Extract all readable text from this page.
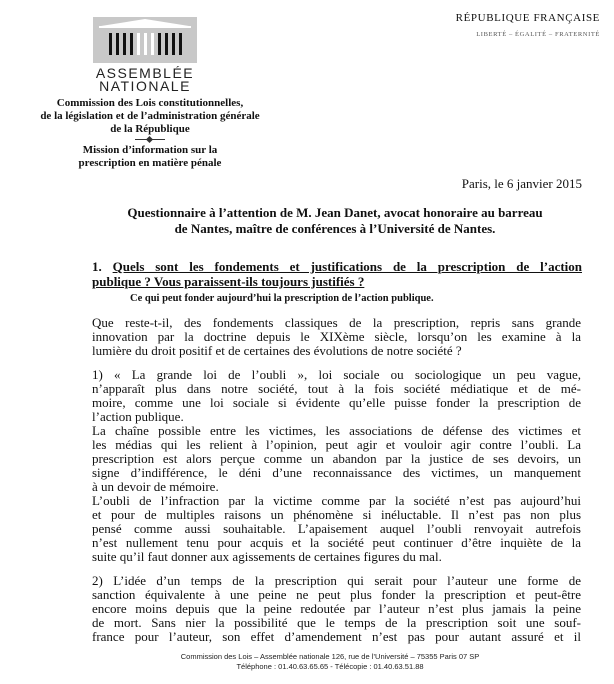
ASSEMBLÉE
NATIONALE
RÉPUBLIQUE FRANÇAISE
LIBERTÉ – ÉGALITÉ – FRATERNITÉ
Commission des Lois constitutionnelles,
de la législation et de l’administration générale
de la République
Mission d’information sur la
prescription en matière pénale
Paris, le 6 janvier 2015
Questionnaire à l’attention de M. Jean Danet, avocat honoraire au barreau
de Nantes, maître de conférences à l’Université de Nantes.
1. Quels sont les fondements et justifications de la prescription de l’action
publique ? Vous paraissent-ils toujours justifiés ?
Ce qui peut fonder aujourd’hui la prescription de l’action publique.
Que reste-t-il, des fondements classiques de la prescription, repris sans grande
innovation par la doctrine depuis le XIXème siècle, lorsqu’on les examine à la
lumière du droit positif et de certaines des évolutions de notre société ?
1) « La grande loi de l’oubli », loi sociale ou sociologique un peu vague,
n’apparaît plus dans notre société, tout à la fois société médiatique et de mé-
moire, comme une loi sociale si évidente qu’elle puisse fonder la prescription de
l’action publique.
La chaîne possible entre les victimes, les associations de défense des victimes et
les médias qui les relient à l’opinion, peut agir et vouloir agir contre l’oubli. La
prescription est alors perçue comme un abandon par la justice de ses devoirs, un
signe d’indifférence, le déni d’une reconnaissance des victimes, un manquement
à un devoir de mémoire.
L’oubli de l’infraction par la victime comme par la société n’est pas aujourd’hui
et pour de multiples raisons un phénomène si inéluctable. Il n’est pas non plus
pensé comme aussi souhaitable. L’apaisement auquel l’oubli renvoyait autrefois
n’est nullement tenu pour acquis et la société peut continuer d’être inquiète de la
suite qu’il faut donner aux agissements de certaines figures du mal.
2) L’idée d’un temps de la prescription qui serait pour l’auteur une forme de
sanction équivalente à une peine ne peut plus fonder la prescription et peut-être
encore moins depuis que la peine redoutée par l’auteur n’est plus jamais la peine
de mort. Sans nier la possibilité que le temps de la prescription soit une souf-
france pour l’auteur, son effet d’amendement n’est pas pour autant assuré et il
Commission des Lois – Assemblée nationale 126, rue de l’Université – 75355 Paris 07 SP
Téléphone : 01.40.63.65.65 - Télécopie : 01.40.63.51.88
